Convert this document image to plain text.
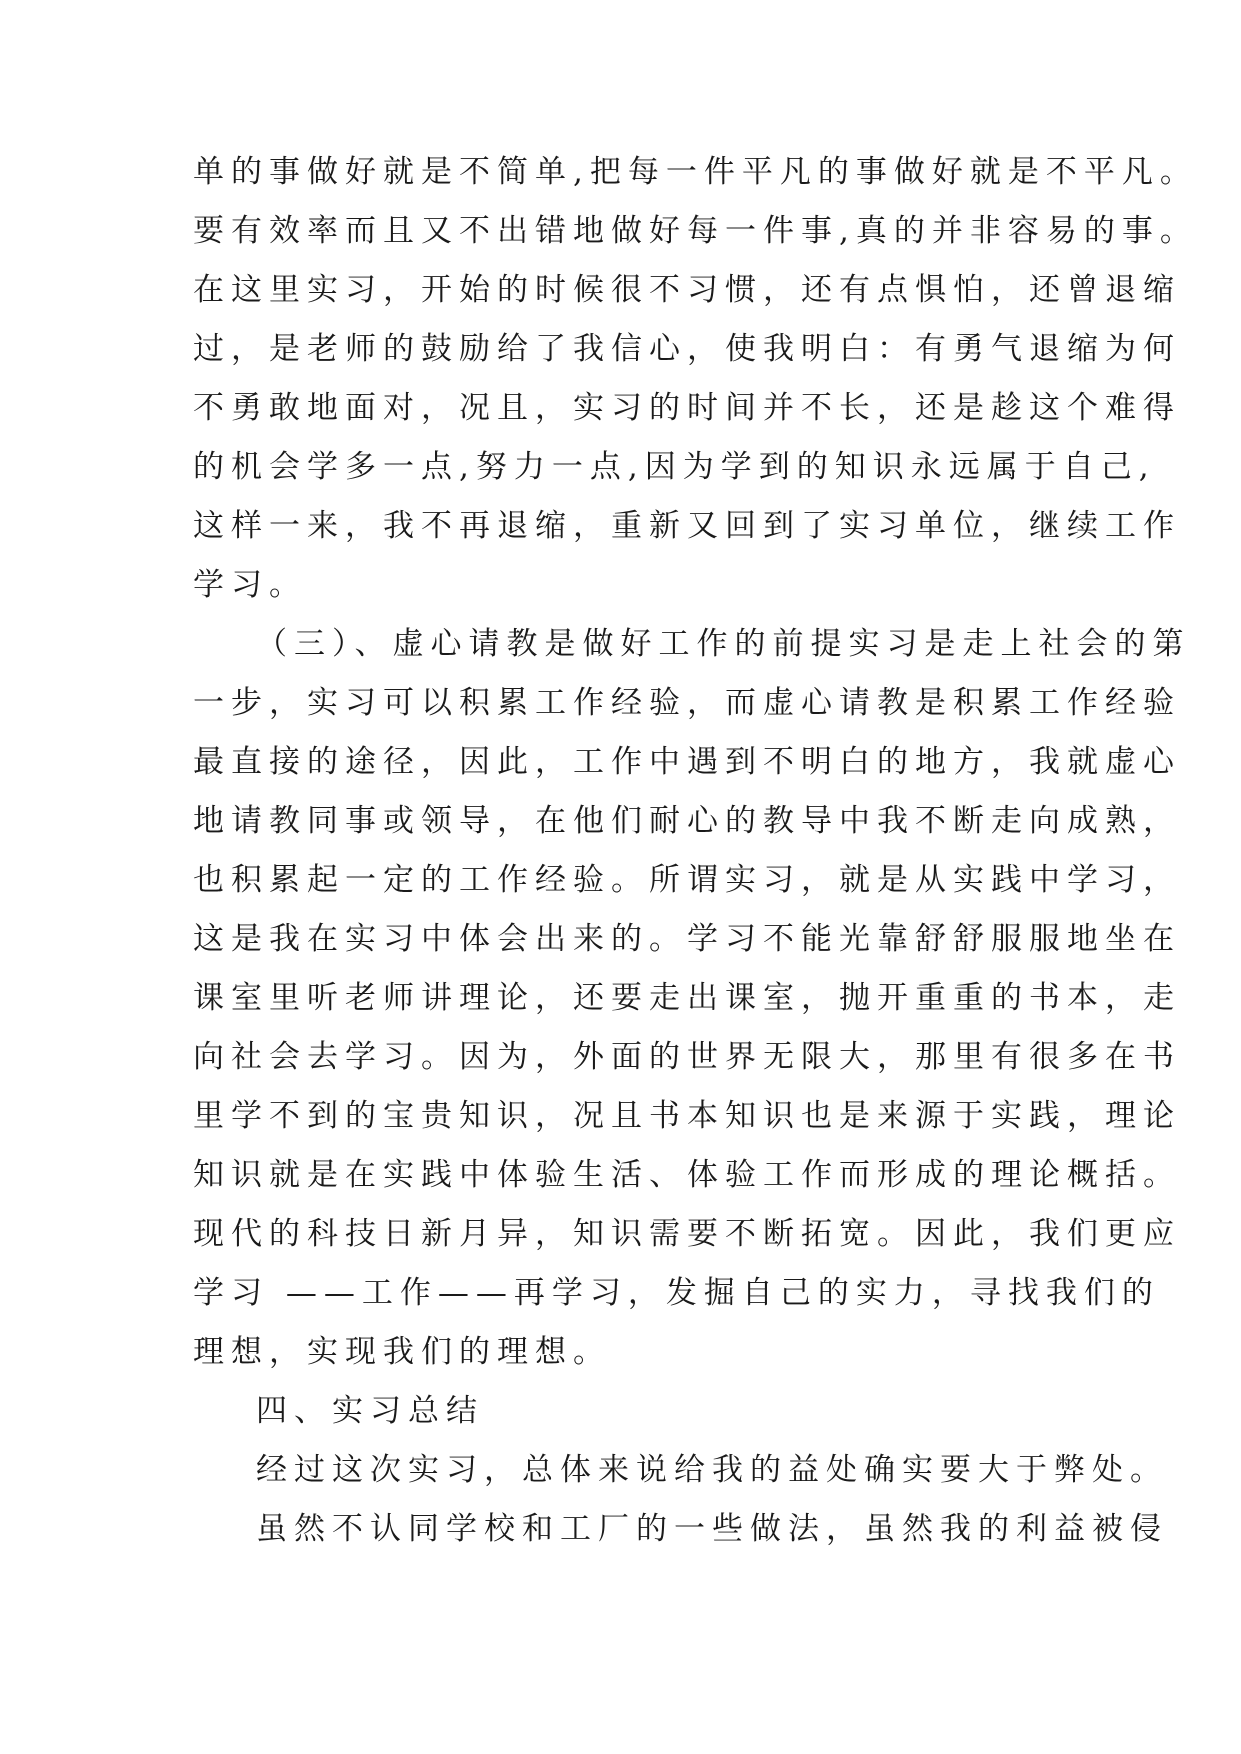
单的事做好就是不简单,把每一件平凡的事做好就是不平凡。
要有效率而且又不出错地做好每一件事,真的并非容易的事。
在这里实习，开始的时候很不习惯，还有点惧怕，还曾退缩
过，是老师的鼓励给了我信心，使我明白：有勇气退缩为何
不勇敢地面对，况且，实习的时间并不长，还是趁这个难得
的机会学多一点,努力一点,因为学到的知识永远属于自己,
这样一来，我不再退缩，重新又回到了实习单位，继续工作
学习。
（三）、虚心请教是做好工作的前提实习是走上社会的第
一步，实习可以积累工作经验，而虚心请教是积累工作经验
最直接的途径，因此，工作中遇到不明白的地方，我就虚心
地请教同事或领导，在他们耐心的教导中我不断走向成熟，
也积累起一定的工作经验。所谓实习，就是从实践中学习，
这是我在实习中体会出来的。学习不能光靠舒舒服服地坐在
课室里听老师讲理论，还要走出课室，抛开重重的书本，走
向社会去学习。因为，外面的世界无限大，那里有很多在书
里学不到的宝贵知识，况且书本知识也是来源于实践，理论
知识就是在实践中体验生活、体验工作而形成的理论概括。
现代的科技日新月异，知识需要不断拓宽。因此，我们更应
学习 ——工作——再学习，发掘自己的实力，寻找我们的
理想，实现我们的理想。
四、实习总结
经过这次实习，总体来说给我的益处确实要大于弊处。
虽然不认同学校和工厂的一些做法，虽然我的利益被侵
